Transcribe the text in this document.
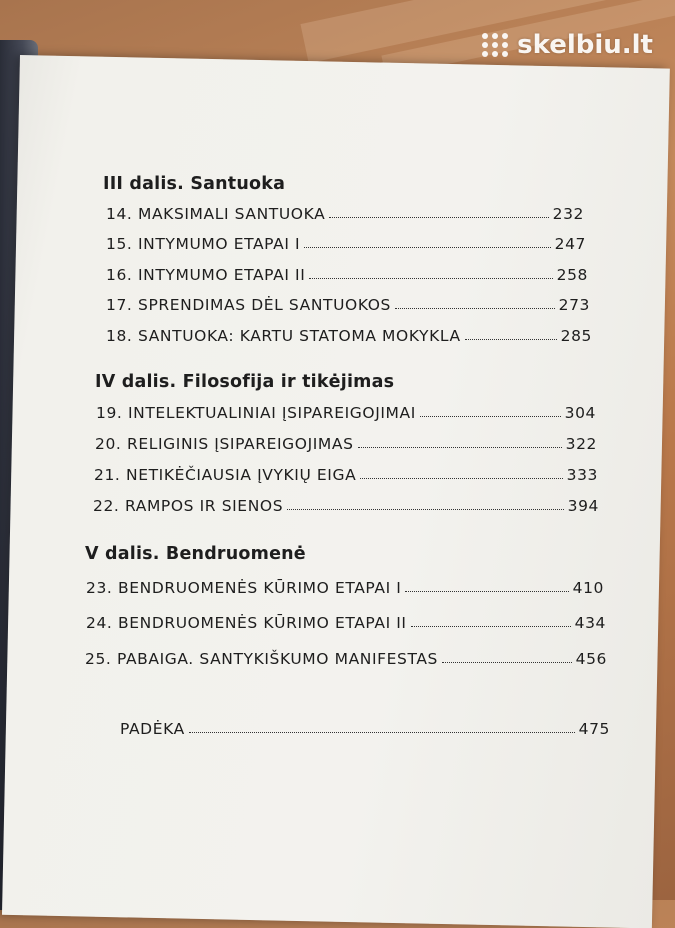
skelbiu.lt
III dalis. Santuoka
14. MAKSIMALI SANTUOKA	232
15. INTYMUMO ETAPAI I	247
16. INTYMUMO ETAPAI II	258
17. SPRENDIMAS DĖL SANTUOKOS	273
18. SANTUOKA: KARTU STATOMA MOKYKLA	285
IV dalis. Filosofija ir tikėjimas
19. INTELEKTUALINIAI ĮSIPAREIGOJIMAI	304
20. RELIGINIS ĮSIPAREIGOJIMAS	322
21. NETIKĖČIAUSIA ĮVYKIŲ EIGA	333
22. RAMPOS IR SIENOS	394
V dalis. Bendruomenė
23. BENDRUOMENĖS KŪRIMO ETAPAI I	410
24. BENDRUOMENĖS KŪRIMO ETAPAI II	434
25. PABAIGA. SANTYKIŠKUMO MANIFESTAS	456
PADĖKA	475
